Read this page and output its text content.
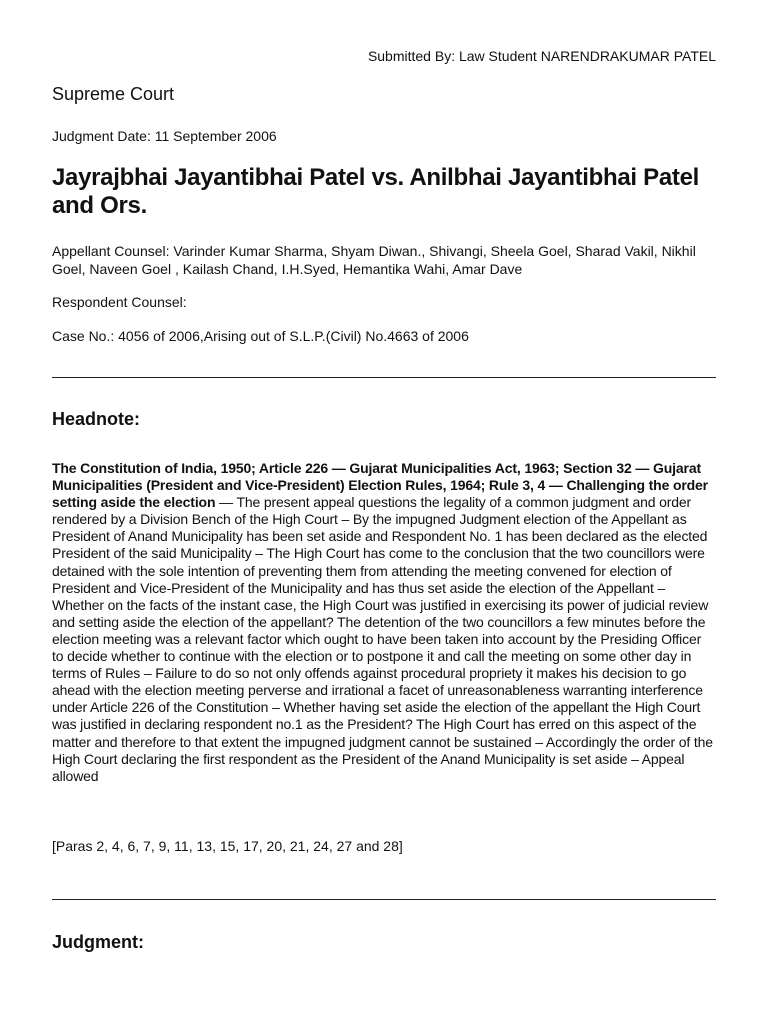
Submitted By: Law Student NARENDRAKUMAR PATEL
Supreme Court
Judgment Date: 11 September 2006
Jayrajbhai Jayantibhai Patel vs. Anilbhai Jayantibhai Patel and Ors.
Appellant Counsel: Varinder Kumar Sharma, Shyam Diwan., Shivangi, Sheela Goel, Sharad Vakil, Nikhil Goel, Naveen Goel , Kailash Chand, I.H.Syed, Hemantika Wahi, Amar Dave
Respondent Counsel:
Case No.: 4056 of 2006,Arising out of S.L.P.(Civil) No.4663 of 2006
Headnote:
The Constitution of India, 1950; Article 226 — Gujarat Municipalities Act, 1963; Section 32 — Gujarat Municipalities (President and Vice-President) Election Rules, 1964; Rule 3, 4 — Challenging the order setting aside the election — The present appeal questions the legality of a common judgment and order rendered by a Division Bench of the High Court – By the impugned Judgment election of the Appellant as President of Anand Municipality has been set aside and Respondent No. 1 has been declared as the elected President of the said Municipality – The High Court has come to the conclusion that the two councillors were detained with the sole intention of preventing them from attending the meeting convened for election of President and Vice-President of the Municipality and has thus set aside the election of the Appellant – Whether on the facts of the instant case, the High Court was justified in exercising its power of judicial review and setting aside the election of the appellant? The detention of the two councillors a few minutes before the election meeting was a relevant factor which ought to have been taken into account by the Presiding Officer to decide whether to continue with the election or to postpone it and call the meeting on some other day in terms of Rules – Failure to do so not only offends against procedural propriety it makes his decision to go ahead with the election meeting perverse and irrational a facet of unreasonableness warranting interference under Article 226 of the Constitution – Whether having set aside the election of the appellant the High Court was justified in declaring respondent no.1 as the President? The High Court has erred on this aspect of the matter and therefore to that extent the impugned judgment cannot be sustained – Accordingly the order of the High Court declaring the first respondent as the President of the Anand Municipality is set aside – Appeal allowed
[Paras 2, 4, 6, 7, 9, 11, 13, 15, 17, 20, 21, 24, 27 and 28]
Judgment:
